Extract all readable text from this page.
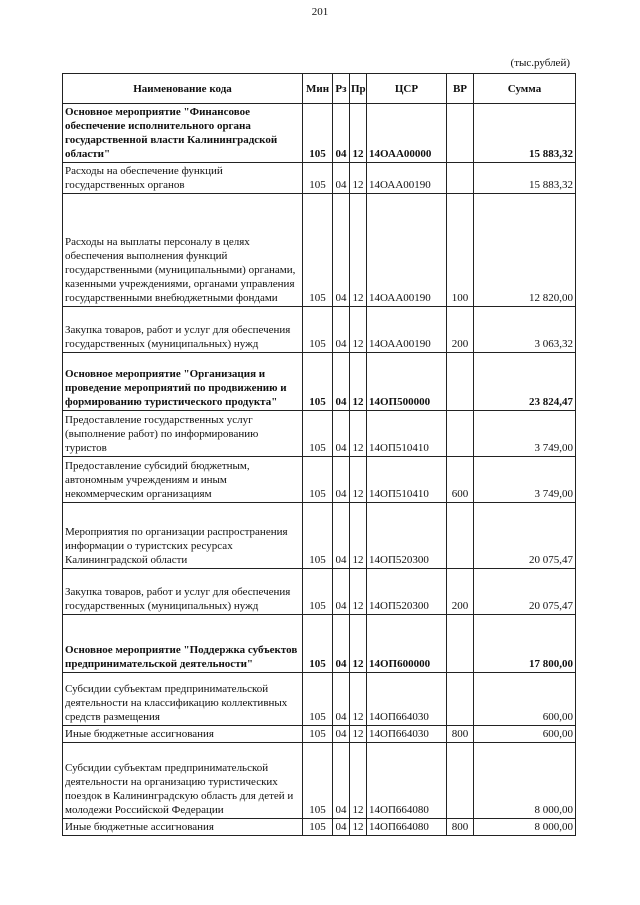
201
(тыс.рублей)
Наименование кода	Мин	Рз	Пр	ЦСР	ВР	Сумма
Основное мероприятие "Финансовое обеспечение исполнительного органа государственной власти Калининградской области"	105	04	12	14ОАА00000		15 883,32
Расходы на обеспечение функций государственных органов	105	04	12	14ОАА00190		15 883,32
Расходы на выплаты персоналу в целях обеспечения выполнения функций государственными (муниципальными) органами, казенными учреждениями, органами управления государственными внебюджетными фондами	105	04	12	14ОАА00190	100	12 820,00
Закупка товаров, работ и услуг для обеспечения государственных (муниципальных) нужд	105	04	12	14ОАА00190	200	3 063,32
Основное мероприятие "Организация и проведение мероприятий по продвижению и формированию туристического продукта"	105	04	12	14ОП500000		23 824,47
Предоставление государственных услуг (выполнение работ) по информированию туристов	105	04	12	14ОП510410		3 749,00
Предоставление субсидий бюджетным, автономным учреждениям и иным некоммерческим организациям	105	04	12	14ОП510410	600	3 749,00
Мероприятия по организации распространения информации о туристских ресурсах Калининградской области	105	04	12	14ОП520300		20 075,47
Закупка товаров, работ и услуг для обеспечения государственных (муниципальных) нужд	105	04	12	14ОП520300	200	20 075,47
Основное мероприятие "Поддержка субъектов предпринимательской деятельности"	105	04	12	14ОП600000		17 800,00
Субсидии субъектам предпринимательской деятельности на классификацию коллективных средств размещения	105	04	12	14ОП664030		600,00
Иные бюджетные ассигнования	105	04	12	14ОП664030	800	600,00
Субсидии субъектам предпринимательской деятельности на организацию туристических поездок в Калининградскую область для детей и молодежи Российской Федерации	105	04	12	14ОП664080		8 000,00
Иные бюджетные ассигнования	105	04	12	14ОП664080	800	8 000,00
